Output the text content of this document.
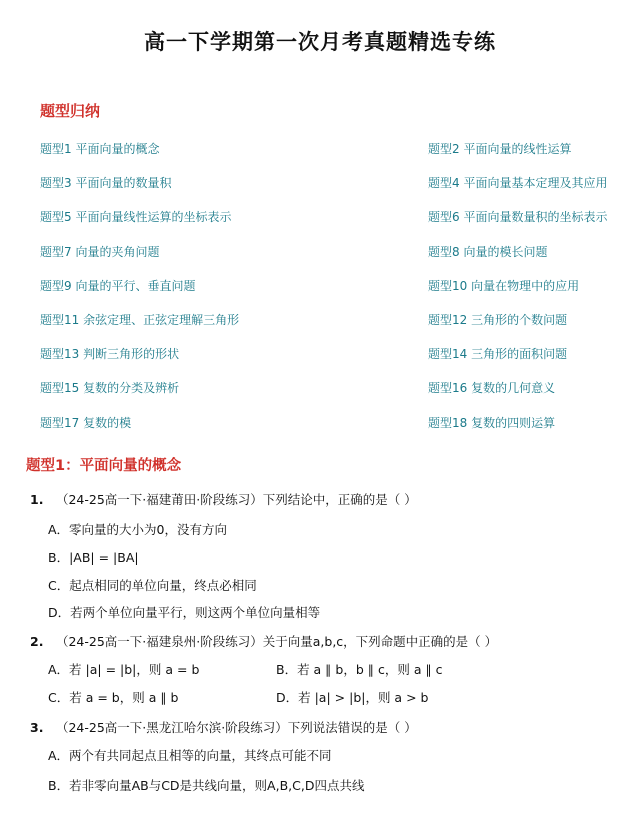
高一下学期第一次月考真题精选专练
题型归纳
题型1 平面向量的概念	题型2 平面向量的线性运算
题型3 平面向量的数量积	题型4 平面向量基本定理及其应用
题型5 平面向量线性运算的坐标表示	题型6 平面向量数量积的坐标表示
题型7 向量的夹角问题	题型8 向量的模长问题
题型9 向量的平行、垂直问题	题型10 向量在物理中的应用
题型11 余弦定理、正弦定理解三角形	题型12 三角形的个数问题
题型13 判断三角形的形状	题型14 三角形的面积问题
题型15 复数的分类及辨析	题型16 复数的几何意义
题型17 复数的模	题型18 复数的四则运算
题型1：平面向量的概念
1. （24-25高一下·福建莆田·阶段练习）下列结论中，正确的是（ ）
A．零向量的大小为0，没有方向
B．|AB| = |BA|
C．起点相同的单位向量，终点必相同
D．若两个单位向量平行，则这两个单位向量相等
2. （24-25高一下·福建泉州·阶段练习）关于向量a,b,c，下列命题中正确的是（ ）
A．若 |a| = |b|，则 a = b	B．若 a ∥ b，b ∥ c，则 a ∥ c
C．若 a = b，则 a ∥ b	D．若 |a| > |b|，则 a > b
3. （24-25高一下·黑龙江哈尔滨·阶段练习）下列说法错误的是（ ）
A．两个有共同起点且相等的向量，其终点可能不同
B．若非零向量AB与CD是共线向量，则A,B,C,D四点共线
